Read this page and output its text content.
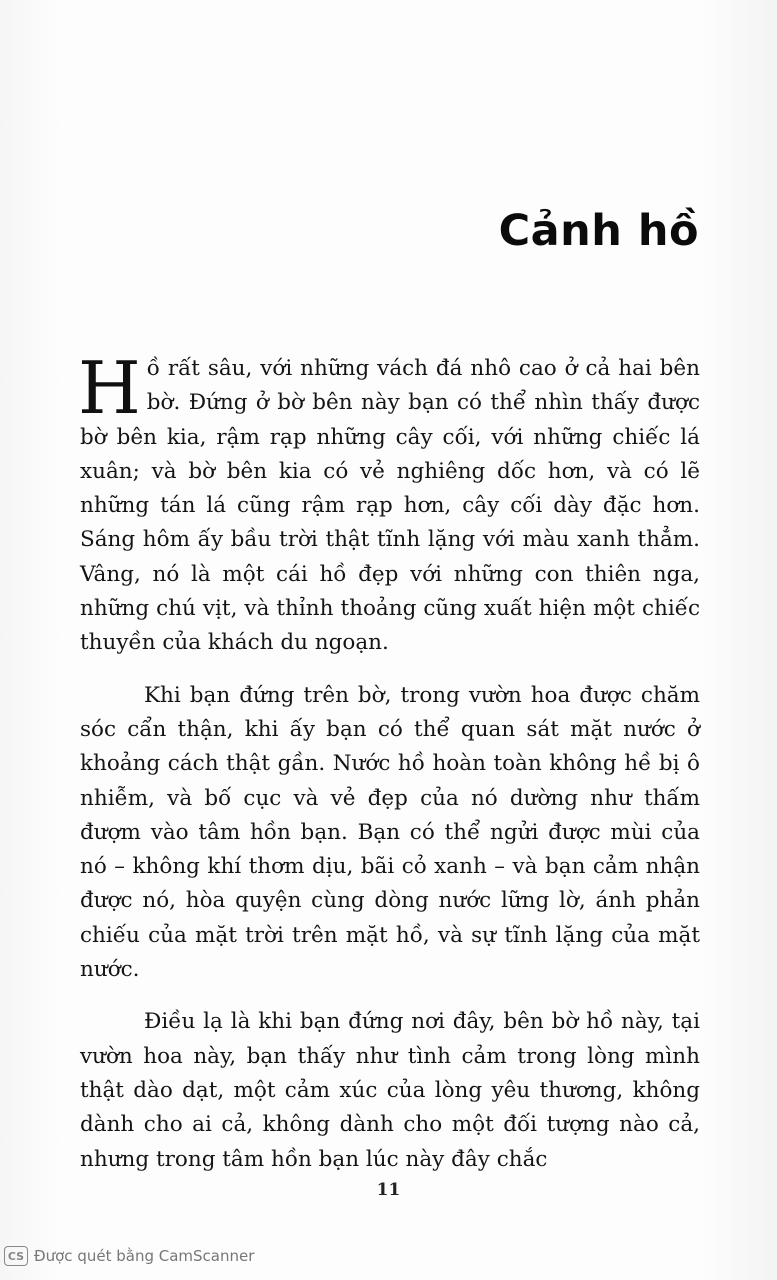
Cảnh hồ

Hồ rất sâu, với những vách đá nhô cao ở cả hai bên bờ. Đứng ở bờ bên này bạn có thể nhìn thấy được bờ bên kia, rậm rạp những cây cối, với những chiếc lá xuân; và bờ bên kia có vẻ nghiêng dốc hơn, và có lẽ những tán lá cũng rậm rạp hơn, cây cối dày đặc hơn. Sáng hôm ấy bầu trời thật tĩnh lặng với màu xanh thẳm. Vâng, nó là một cái hồ đẹp với những con thiên nga, những chú vịt, và thỉnh thoảng cũng xuất hiện một chiếc thuyền của khách du ngoạn.

Khi bạn đứng trên bờ, trong vườn hoa được chăm sóc cẩn thận, khi ấy bạn có thể quan sát mặt nước ở khoảng cách thật gần. Nước hồ hoàn toàn không hề bị ô nhiễm, và bố cục và vẻ đẹp của nó dường như thấm đượm vào tâm hồn bạn. Bạn có thể ngửi được mùi của nó – không khí thơm dịu, bãi cỏ xanh – và bạn cảm nhận được nó, hòa quyện cùng dòng nước lững lờ, ánh phản chiếu của mặt trời trên mặt hồ, và sự tĩnh lặng của mặt nước.

Điều lạ là khi bạn đứng nơi đây, bên bờ hồ này, tại vườn hoa này, bạn thấy như tình cảm trong lòng mình thật dào dạt, một cảm xúc của lòng yêu thương, không dành cho ai cả, không dành cho một đối tượng nào cả, nhưng trong tâm hồn bạn lúc này đây chắc

11
CS Được quét bằng CamScanner
